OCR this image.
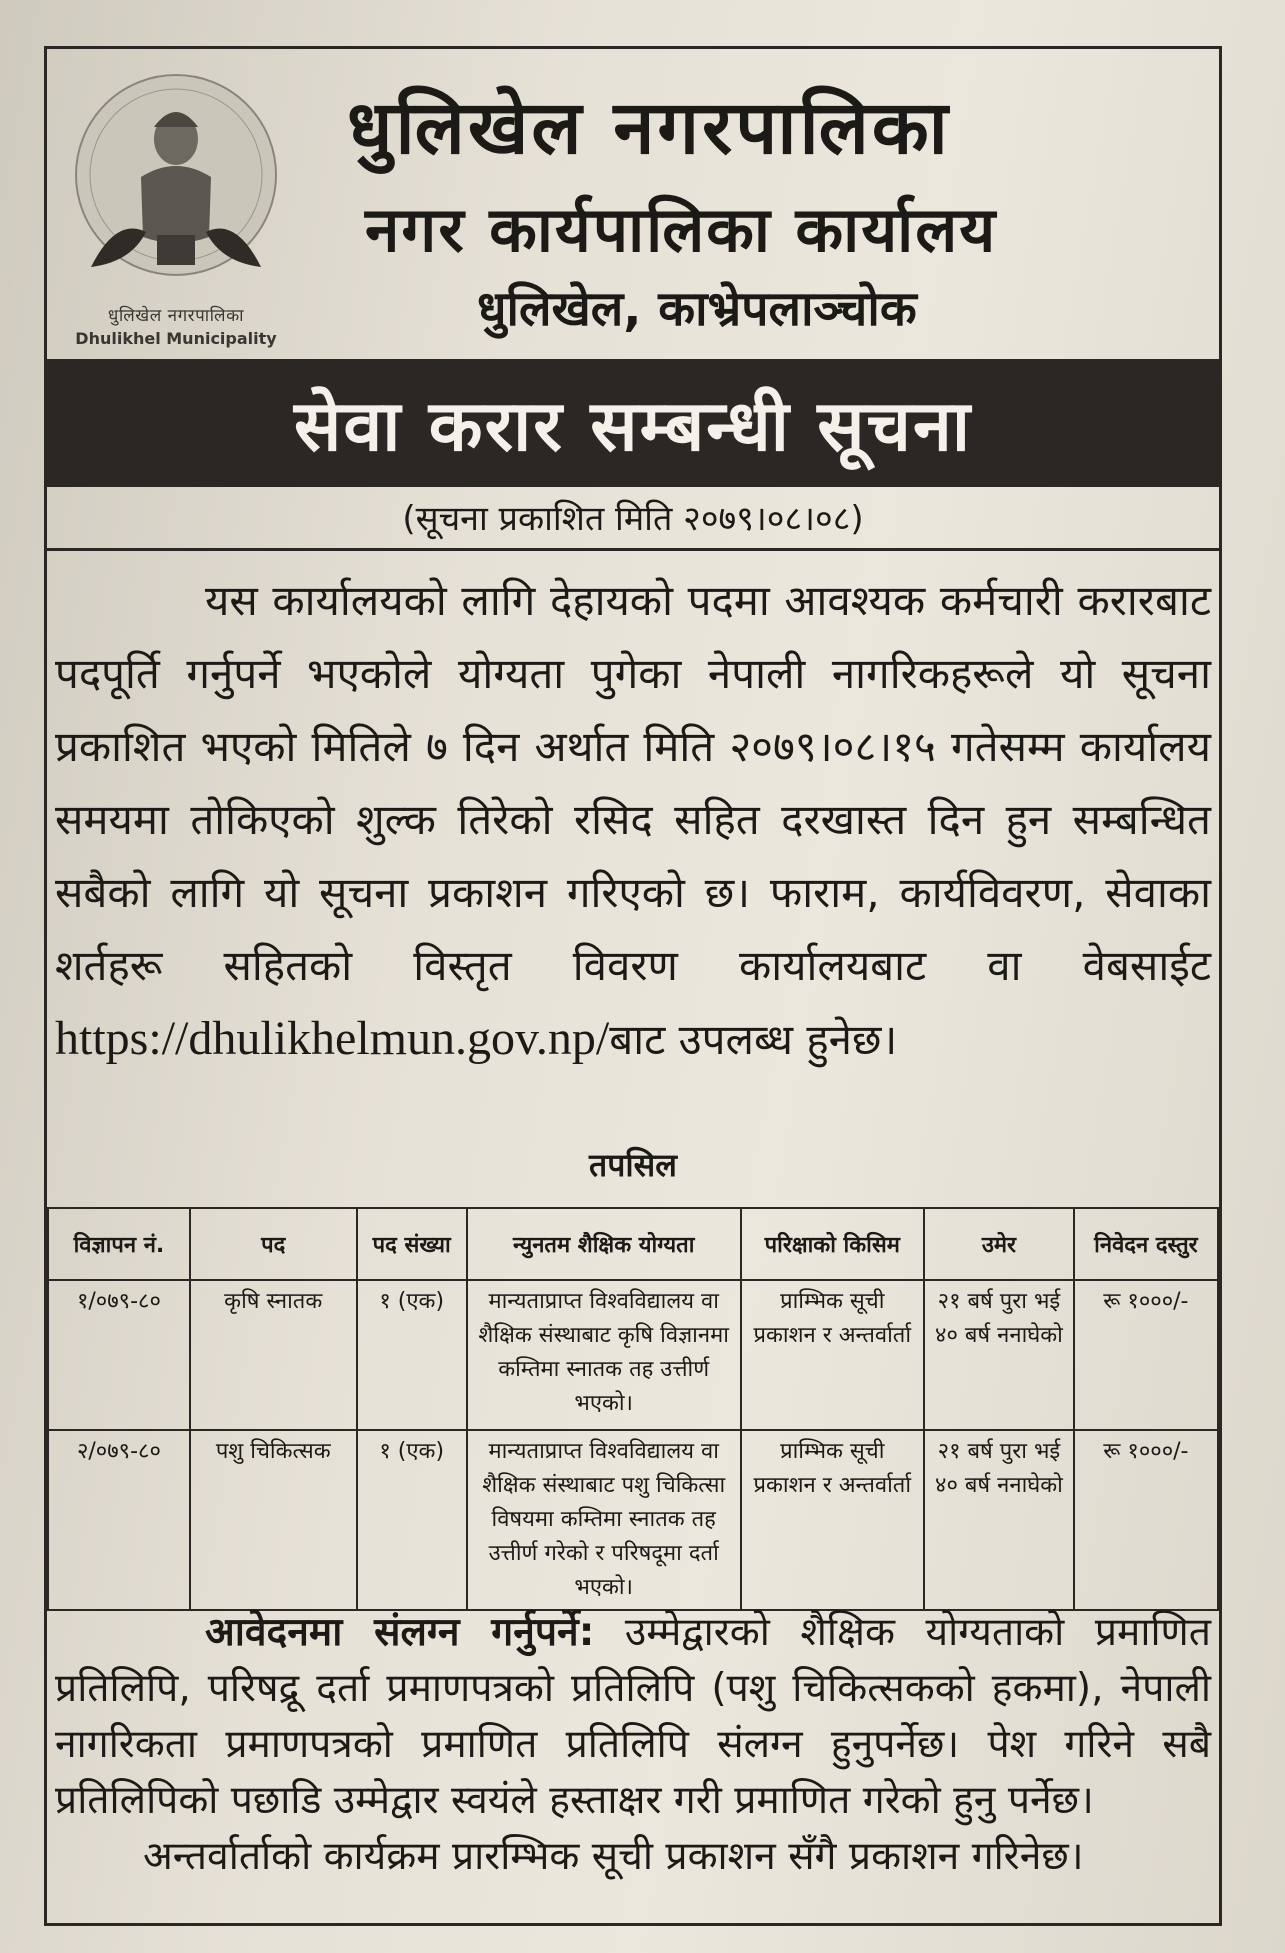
धुलिखेल नगरपालिका
Dhulikhel Municipality
धुलिखेल नगरपालिका
नगर कार्यपालिका कार्यालय
धुलिखेल, काभ्रेपलाञ्चोक
सेवा करार सम्बन्धी सूचना
(सूचना प्रकाशित मिति २०७९।०८।०८)

यस कार्यालयको लागि देहायको पदमा आवश्यक कर्मचारी करारबाट पदपूर्ति गर्नुपर्ने भएकोले योग्यता पुगेका नेपाली नागरिकहरूले यो सूचना प्रकाशित भएको मितिले ७ दिन अर्थात मिति २०७९।०८।१५ गतेसम्म कार्यालय समयमा तोकिएको शुल्क तिरेको रसिद सहित दरखास्त दिन हुन सम्बन्धित सबैको लागि यो सूचना प्रकाशन गरिएको छ। फाराम, कार्यविवरण, सेवाका शर्तहरू सहितको विस्तृत विवरण कार्यालयबाट वा वेबसाईट https://dhulikhelmun.gov.np/बाट उपलब्ध हुनेछ।

तपसिल
विज्ञापन नं.	पद	पद संख्या	न्युनतम शैक्षिक योग्यता	परिक्षाको किसिम	उमेर	निवेदन दस्तुर
१/०७९-८०	कृषि स्नातक	१ (एक)	मान्यताप्राप्त विश्वविद्यालय वा शैक्षिक संस्थाबाट कृषि विज्ञानमा कम्तिमा स्नातक तह उत्तीर्ण भएको।	प्राम्भिक सूची प्रकाशन र अन्तर्वार्ता	२१ बर्ष पुरा भई ४० बर्ष ननाघेको	रू १०००/-
२/०७९-८०	पशु चिकित्सक	१ (एक)	मान्यताप्राप्त विश्वविद्यालय वा शैक्षिक संस्थाबाट पशु चिकित्सा विषयमा कम्तिमा स्नातक तह उत्तीर्ण गरेको र परिषदूमा दर्ता भएको।	प्राम्भिक सूची प्रकाशन र अन्तर्वार्ता	२१ बर्ष पुरा भई ४० बर्ष ननाघेको	रू १०००/-

आवेदनमा संलग्न गर्नुपर्ने: उम्मेद्वारको शैक्षिक योग्यताको प्रमाणित प्रतिलिपि, परिषद्रू दर्ता प्रमाणपत्रको प्रतिलिपि (पशु चिकित्सकको हकमा), नेपाली नागरिकता प्रमाणपत्रको प्रमाणित प्रतिलिपि संलग्न हुनुपर्नेछ। पेश गरिने सबै प्रतिलिपिको पछाडि उम्मेद्वार स्वयंले हस्ताक्षर गरी प्रमाणित गरेको हुनु पर्नेछ।

अन्तर्वार्ताको कार्यक्रम प्रारम्भिक सूची प्रकाशन सँगै प्रकाशन गरिनेछ।
